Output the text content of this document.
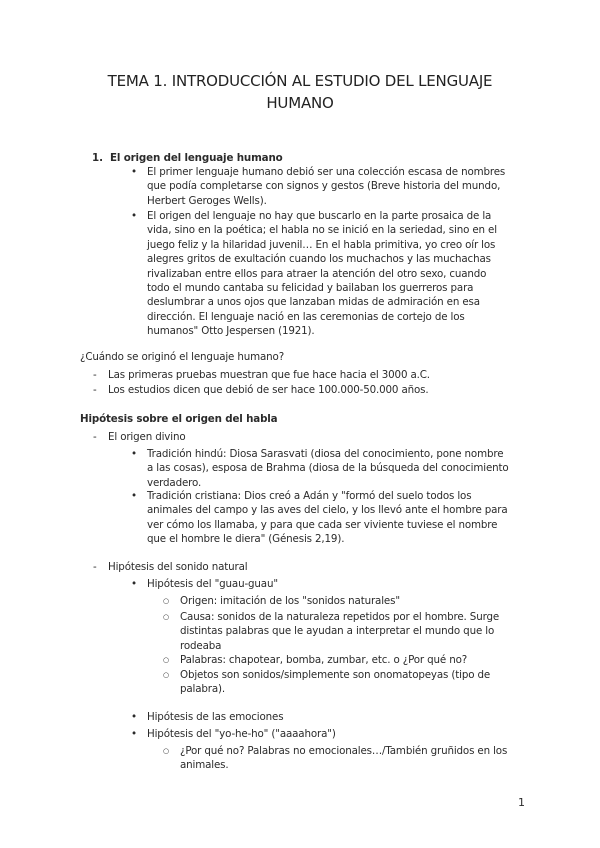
TEMA 1. INTRODUCCIÓN AL ESTUDIO DEL LENGUAJE
HUMANO
1. El origen del lenguaje humano
• El primer lenguaje humano debió ser una colección escasa de nombres
que podía completarse con signos y gestos (Breve historia del mundo,
Herbert Geroges Wells).
• El origen del lenguaje no hay que buscarlo en la parte prosaica de la
vida, sino en la poética; el habla no se inició en la seriedad, sino en el
juego feliz y la hilaridad juvenil… En el habla primitiva, yo creo oír los
alegres gritos de exultación cuando los muchachos y las muchachas
rivalizaban entre ellos para atraer la atención del otro sexo, cuando
todo el mundo cantaba su felicidad y bailaban los guerreros para
deslumbrar a unos ojos que lanzaban midas de admiración en esa
dirección. El lenguaje nació en las ceremonias de cortejo de los
humanos" Otto Jespersen (1921).
¿Cuándo se originó el lenguaje humano?
- Las primeras pruebas muestran que fue hace hacia el 3000 a.C.
- Los estudios dicen que debió de ser hace 100.000-50.000 años.
Hipótesis sobre el origen del habla
- El origen divino
• Tradición hindú: Diosa Sarasvati (diosa del conocimiento, pone nombre
a las cosas), esposa de Brahma (diosa de la búsqueda del conocimiento
verdadero.
• Tradición cristiana: Dios creó a Adán y "formó del suelo todos los
animales del campo y las aves del cielo, y los llevó ante el hombre para
ver cómo los llamaba, y para que cada ser viviente tuviese el nombre
que el hombre le diera" (Génesis 2,19).
- Hipótesis del sonido natural
• Hipótesis del "guau-guau"
○ Origen: imitación de los "sonidos naturales"
○ Causa: sonidos de la naturaleza repetidos por el hombre. Surge
distintas palabras que le ayudan a interpretar el mundo que lo
rodeaba
○ Palabras: chapotear, bomba, zumbar, etc. o ¿Por qué no?
○ Objetos son sonidos/simplemente son onomatopeyas (tipo de
palabra).
• Hipótesis de las emociones
• Hipótesis del "yo-he-ho" ("aaaahora")
○ ¿Por qué no? Palabras no emocionales…/También gruñidos en los
animales.
1
